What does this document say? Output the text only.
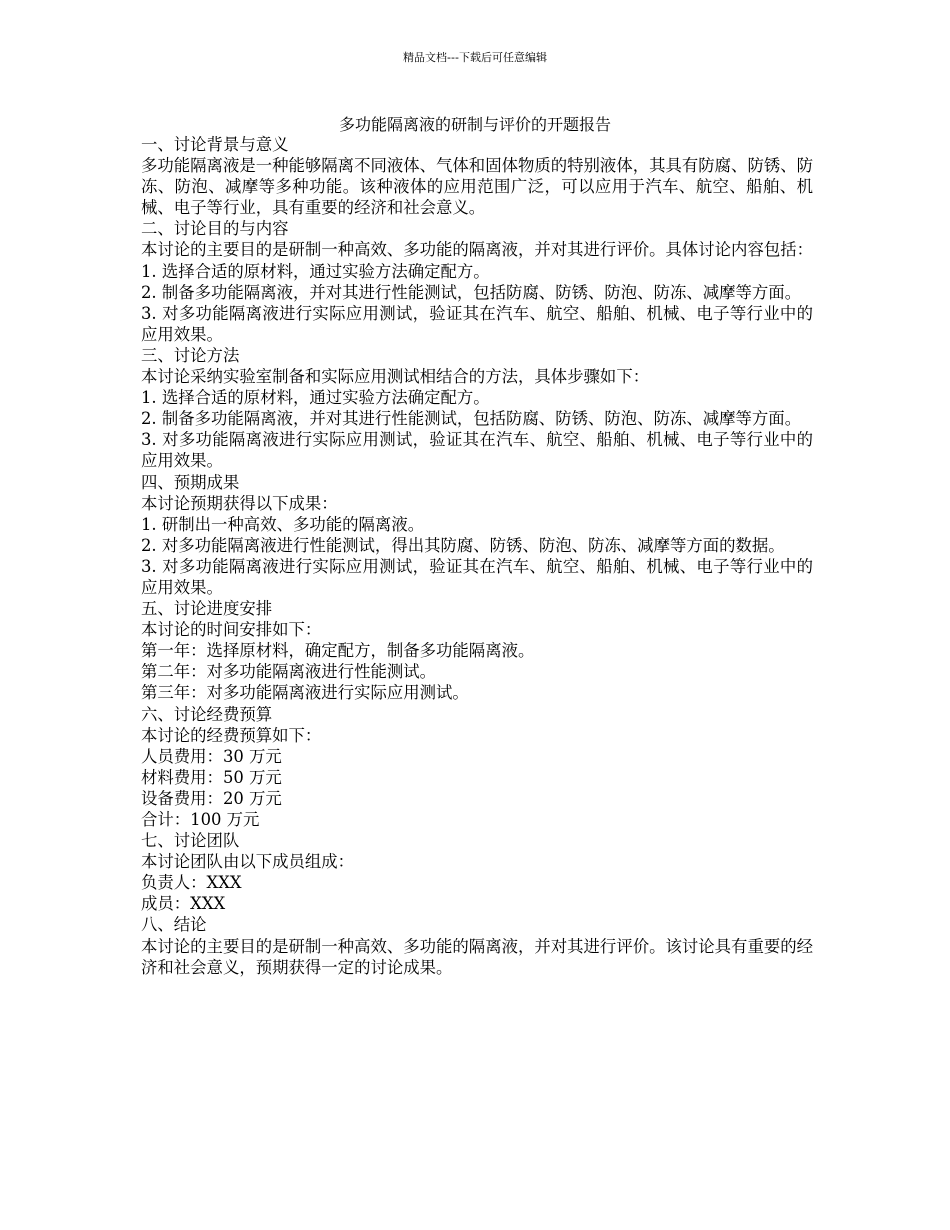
精品文档---下载后可任意编辑
多功能隔离液的研制与评价的开题报告

一、讨论背景与意义

多功能隔离液是一种能够隔离不同液体、气体和固体物质的特别液体，其具有防腐、防锈、防冻、防泡、减摩等多种功能。该种液体的应用范围广泛，可以应用于汽车、航空、船舶、机械、电子等行业，具有重要的经济和社会意义。

二、讨论目的与内容

本讨论的主要目的是研制一种高效、多功能的隔离液，并对其进行评价。具体讨论内容包括：

1. 选择合适的原材料，通过实验方法确定配方。

2. 制备多功能隔离液，并对其进行性能测试，包括防腐、防锈、防泡、防冻、减摩等方面。

3. 对多功能隔离液进行实际应用测试，验证其在汽车、航空、船舶、机械、电子等行业中的应用效果。

三、讨论方法

本讨论采纳实验室制备和实际应用测试相结合的方法，具体步骤如下：

1. 选择合适的原材料，通过实验方法确定配方。

2. 制备多功能隔离液，并对其进行性能测试，包括防腐、防锈、防泡、防冻、减摩等方面。

3. 对多功能隔离液进行实际应用测试，验证其在汽车、航空、船舶、机械、电子等行业中的应用效果。

四、预期成果

本讨论预期获得以下成果：

1. 研制出一种高效、多功能的隔离液。

2. 对多功能隔离液进行性能测试，得出其防腐、防锈、防泡、防冻、减摩等方面的数据。

3. 对多功能隔离液进行实际应用测试，验证其在汽车、航空、船舶、机械、电子等行业中的应用效果。

五、讨论进度安排

本讨论的时间安排如下：

第一年：选择原材料，确定配方，制备多功能隔离液。

第二年：对多功能隔离液进行性能测试。

第三年：对多功能隔离液进行实际应用测试。

六、讨论经费预算

本讨论的经费预算如下：

人员费用：30 万元

材料费用：50 万元

设备费用：20 万元

合计：100 万元

七、讨论团队

本讨论团队由以下成员组成：

负责人：XXX

成员：XXX

八、结论

本讨论的主要目的是研制一种高效、多功能的隔离液，并对其进行评价。该讨论具有重要的经济和社会意义，预期获得一定的讨论成果。
